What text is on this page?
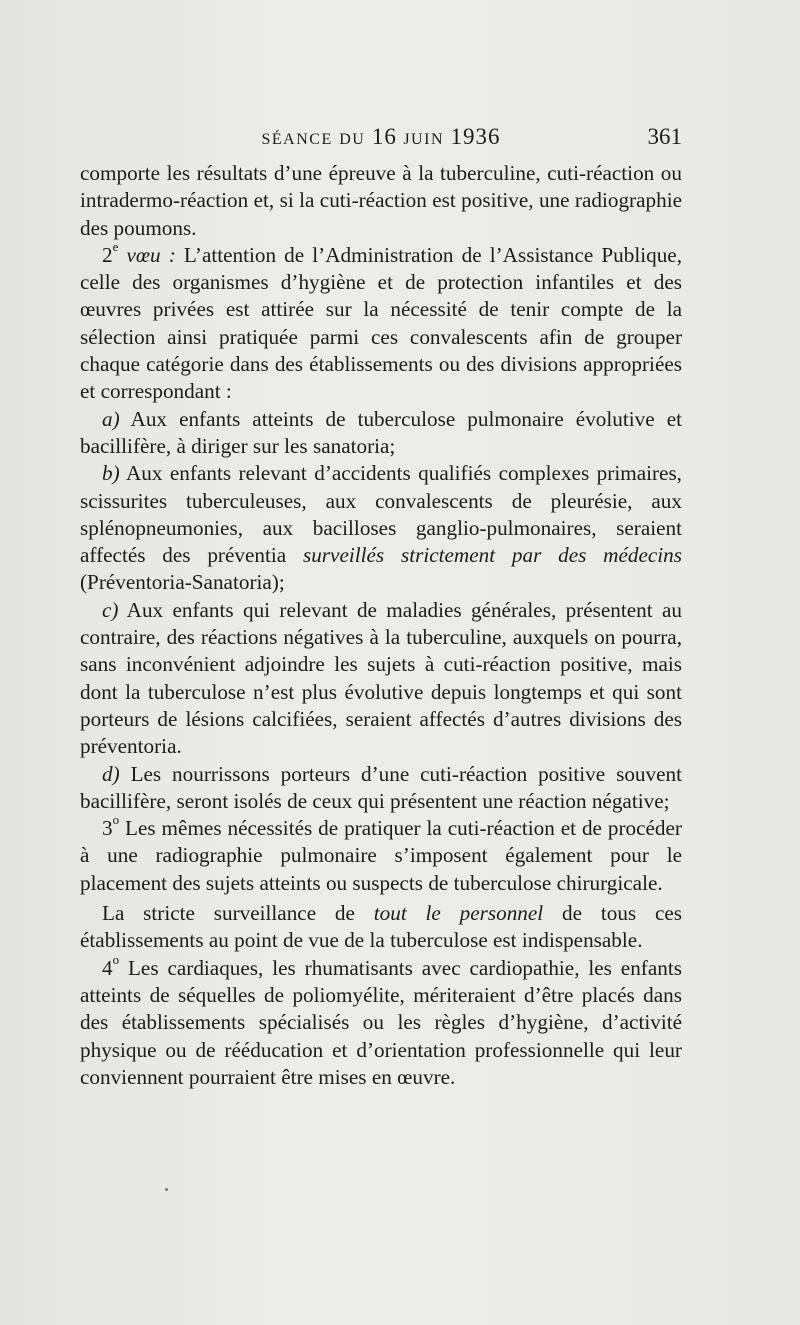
SÉANCE DU 16 JUIN 1936	361

comporte les résultats d’une épreuve à la tuberculine, cuti-réaction ou intradermo-réaction et, si la cuti-réaction est positive, une radiographie des poumons.

2e vœu : L’attention de l’Administration de l’Assistance Publique, celle des organismes d’hygiène et de protection infantiles et des œuvres privées est attirée sur la nécessité de tenir compte de la sélection ainsi pratiquée parmi ces convalescents afin de grouper chaque catégorie dans des établissements ou des divisions appropriées et correspondant :

a) Aux enfants atteints de tuberculose pulmonaire évolutive et bacillifère, à diriger sur les sanatoria;

b) Aux enfants relevant d’accidents qualifiés complexes primaires, scissurites tuberculeuses, aux convalescents de pleurésie, aux splénopneumonies, aux bacilloses ganglio-pulmonaires, seraient affectés des préventia surveillés strictement par des médecins (Préventoria-Sanatoria);

c) Aux enfants qui relevant de maladies générales, présentent au contraire, des réactions négatives à la tuberculine, auxquels on pourra, sans inconvénient adjoindre les sujets à cuti-réaction positive, mais dont la tuberculose n’est plus évolutive depuis longtemps et qui sont porteurs de lésions calcifiées, seraient affectés d’autres divisions des préventoria.

d) Les nourrissons porteurs d’une cuti-réaction positive souvent bacillifère, seront isolés de ceux qui présentent une réaction négative;

3$^o$ Les mêmes nécessités de pratiquer la cuti-réaction et de procéder à une radiographie pulmonaire s’imposent également pour le placement des sujets atteints ou suspects de tuberculose chirurgicale.

La stricte surveillance de tout le personnel de tous ces établissements au point de vue de la tuberculose est indispensable.

4$^o$ Les cardiaques, les rhumatisants avec cardiopathie, les enfants atteints de séquelles de poliomyélite, mériteraient d’être placés dans des établissements spécialisés ou les règles d’hygiène, d’activité physique ou de rééducation et d’orientation professionnelle qui leur conviennent pourraient être mises en œuvre.
